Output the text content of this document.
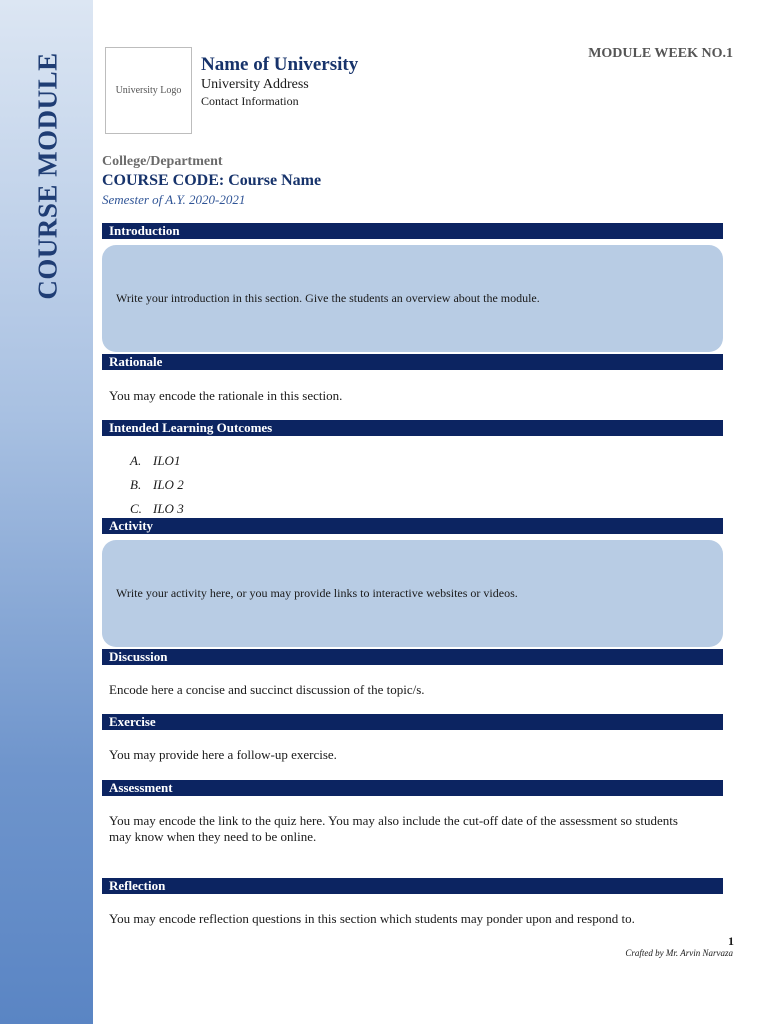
COURSE MODULE	University Logo
Name of University
University Address
Contact Information
MODULE WEEK NO.1
College/Department
COURSE CODE: Course Name
Semester of A.Y. 2020-2021
Introduction
Write your introduction in this section. Give the students an overview about the module.
Rationale
You may encode the rationale in this section.
Intended Learning Outcomes
A. ILO1
B. ILO 2
C. ILO 3
Activity
Write your activity here, or you may provide links to interactive websites or videos.
Discussion
Encode here a concise and succinct discussion of the topic/s.
Exercise
You may provide here a follow-up exercise.
Assessment
You may encode the link to the quiz here. You may also include the cut-off date of the assessment so students may know when they need to be online.
Reflection
You may encode reflection questions in this section which students may ponder upon and respond to.
1
Crafted by Mr. Arvin Narvaza
